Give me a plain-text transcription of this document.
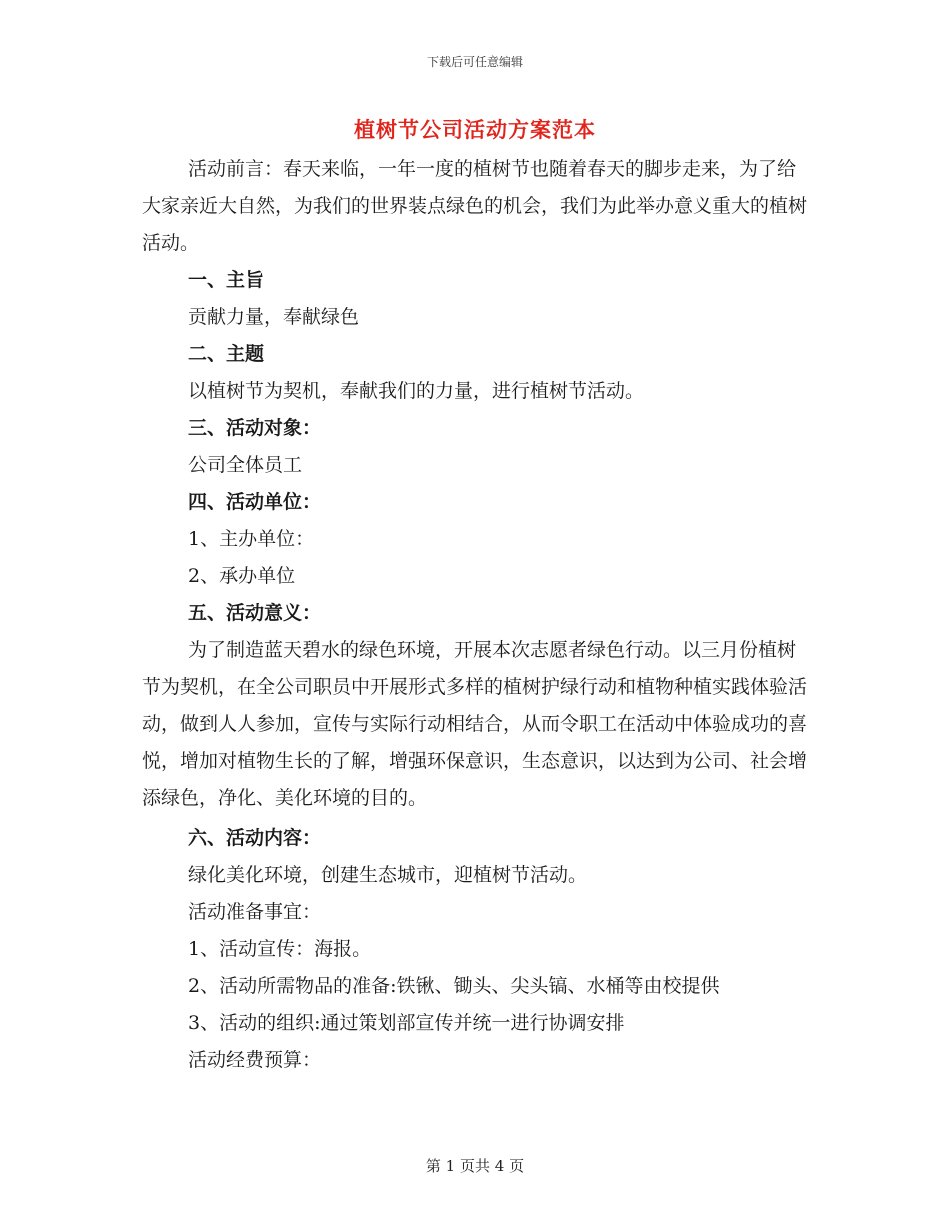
下载后可任意编辑
植树节公司活动方案范本

活动前言：春天来临，一年一度的植树节也随着春天的脚步走来，为了给大家亲近大自然，为我们的世界装点绿色的机会，我们为此举办意义重大的植树活动。

一、主旨

贡献力量，奉献绿色

二、主题

以植树节为契机，奉献我们的力量，进行植树节活动。

三、活动对象：

公司全体员工

四、活动单位：

1、主办单位：

2、承办单位

五、活动意义：

为了制造蓝天碧水的绿色环境，开展本次志愿者绿色行动。以三月份植树节为契机，在全公司职员中开展形式多样的植树护绿行动和植物种植实践体验活动，做到人人参加，宣传与实际行动相结合，从而令职工在活动中体验成功的喜悦，增加对植物生长的了解，增强环保意识，生态意识，以达到为公司、社会增添绿色，净化、美化环境的目的。

六、活动内容：

绿化美化环境，创建生态城市，迎植树节活动。

活动准备事宜：

1、活动宣传：海报。

2、活动所需物品的准备:铁锹、锄头、尖头镐、水桶等由校提供

3、活动的组织:通过策划部宣传并统一进行协调安排

活动经费预算：

第 1 页共 4 页
